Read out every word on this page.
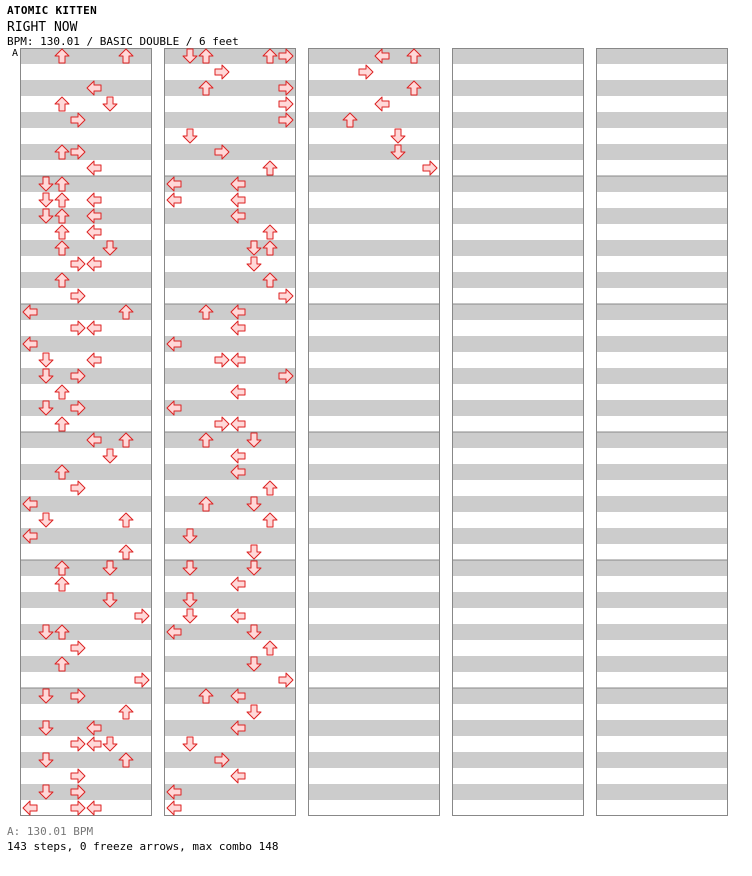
ATOMIC KITTEN
RIGHT NOW
BPM: 130.01 / BASIC DOUBLE / 6 feet
A
A: 130.01 BPM
143 steps, 0 freeze arrows, max combo 148
